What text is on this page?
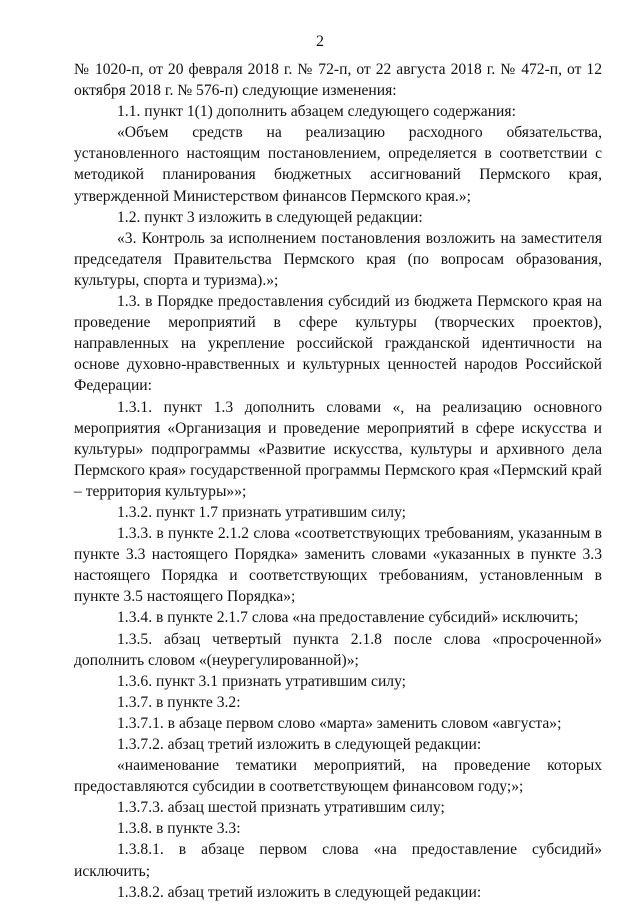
2

№ 1020-п, от 20 февраля 2018 г. № 72-п, от 22 августа 2018 г. № 472-п, от 12 октября 2018 г. № 576-п) следующие изменения:

1.1. пункт 1(1) дополнить абзацем следующего содержания:

«Объем средств на реализацию расходного обязательства, установленного настоящим постановлением, определяется в соответствии с методикой планирования бюджетных ассигнований Пермского края, утвержденной Министерством финансов Пермского края.»;

1.2. пункт 3 изложить в следующей редакции:

«3. Контроль за исполнением постановления возложить на заместителя председателя Правительства Пермского края (по вопросам образования, культуры, спорта и туризма).»;

1.3. в Порядке предоставления субсидий из бюджета Пермского края на проведение мероприятий в сфере культуры (творческих проектов), направленных на укрепление российской гражданской идентичности на основе духовно-нравственных и культурных ценностей народов Российской Федерации:

1.3.1. пункт 1.3 дополнить словами «, на реализацию основного мероприятия «Организация и проведение мероприятий в сфере искусства и культуры» подпрограммы «Развитие искусства, культуры и архивного дела Пермского края» государственной программы Пермского края «Пермский край – территория культуры»»;

1.3.2. пункт 1.7 признать утратившим силу;

1.3.3. в пункте 2.1.2 слова «соответствующих требованиям, указанным в пункте 3.3 настоящего Порядка» заменить словами «указанных в пункте 3.3 настоящего Порядка и соответствующих требованиям, установленным в пункте 3.5 настоящего Порядка»;

1.3.4. в пункте 2.1.7 слова «на предоставление субсидий» исключить;

1.3.5. абзац четвертый пункта 2.1.8 после слова «просроченной» дополнить словом «(неурегулированной)»;

1.3.6. пункт 3.1 признать утратившим силу;

1.3.7. в пункте 3.2:

1.3.7.1. в абзаце первом слово «марта» заменить словом «августа»;

1.3.7.2. абзац третий изложить в следующей редакции:

«наименование тематики мероприятий, на проведение которых предоставляются субсидии в соответствующем финансовом году;»;

1.3.7.3. абзац шестой признать утратившим силу;

1.3.8. в пункте 3.3:

1.3.8.1. в абзаце первом слова «на предоставление субсидий» исключить;

1.3.8.2. абзац третий изложить в следующей редакции:
